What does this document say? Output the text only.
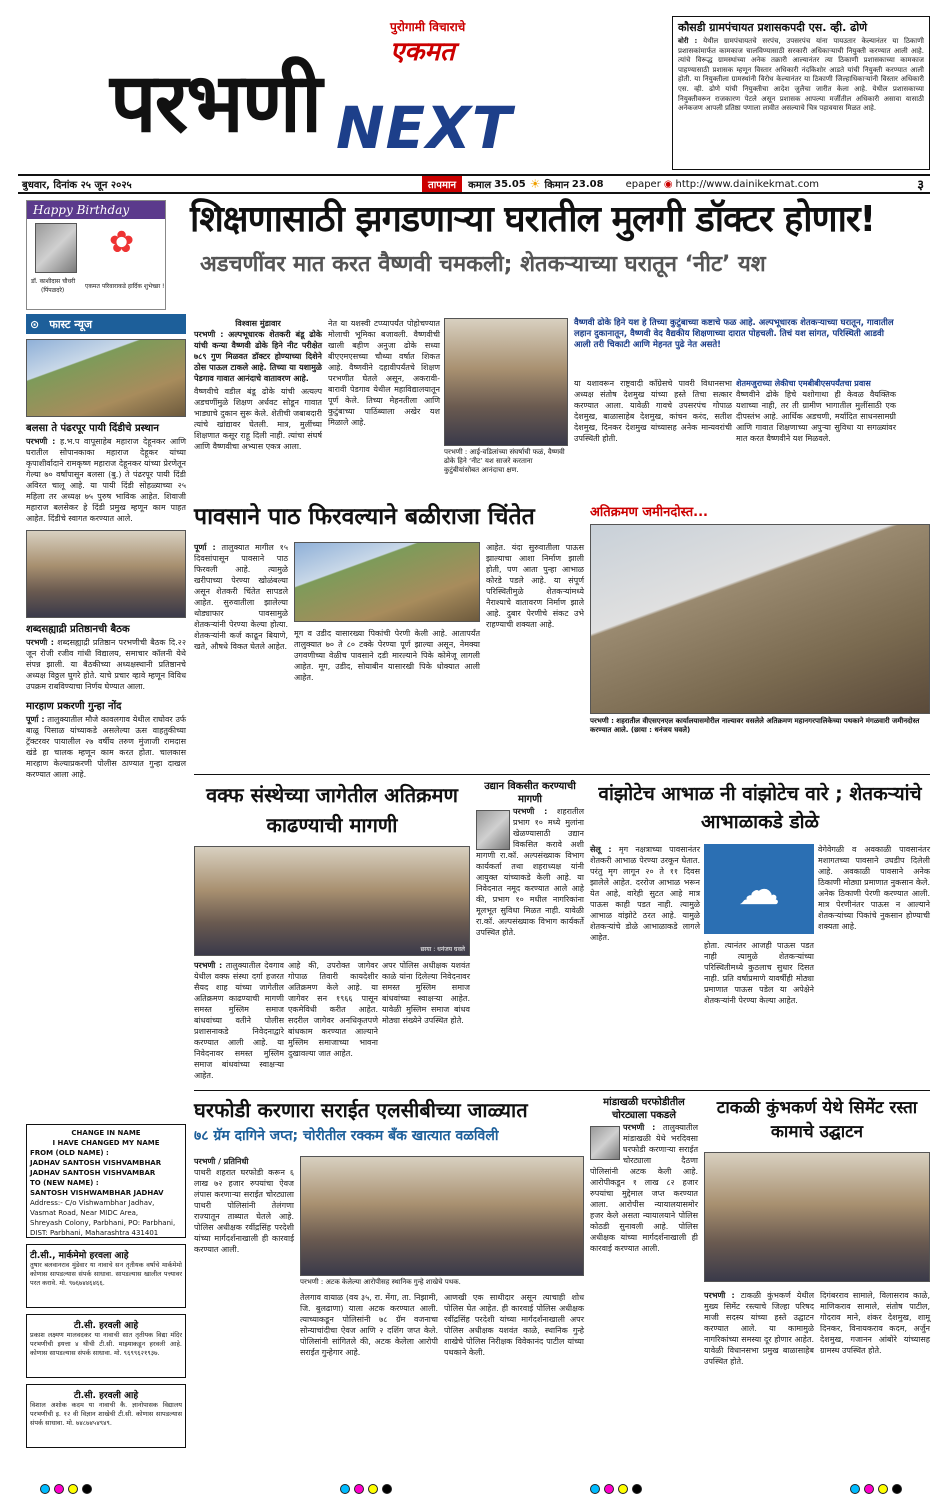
पुरोगामी विचाराचे
एकमत
परभणी NEXT
कौसडी ग्रामपंचायत प्रशासकपदी एस. व्ही. ढोणे
बोरी : येथील ग्रामपंचायतचे सरपंच, उपसरपंच यांना पायउतार केल्यानंतर या ठिकाणी प्रशासकांमार्फत कामकाज चालविण्यासाठी सरकारी अधिकाऱ्याची नियुक्ती करण्यात आली आहे. त्यांचे विरूद्ध ग्रामस्थांच्या अनेक तक्रारी आल्यानंतर त्या ठिकाणी प्रशासकाच्या कामकाज पाहण्यासाठी प्रशासक म्हणून विस्तार अधिकारी नंदकिशोर आडते यांची नियुक्ती करण्यात आली होती. या नियुक्तीला ग्रामस्थांनी विरोध केल्यानंतर या ठिकाणी जिल्हाधिकाऱ्यांनी विस्तार अधिकारी एस. व्ही. ढोणे यांची नियुक्तीचा आदेश जुलैचा जारीत केला आहे. येथील प्रशासकाच्या नियुक्तीवरून राजकारण पेटले असून प्रशासक आपल्या मर्जीतील अधिकारी असावा यासाठी अनेकजण आपली प्रतिष्ठा पणाला लावीत असल्याचे चित्र पहावयास मिळत आहे.
बुधवार, दिनांक २५ जून २०२५	तापमान	कमाल 35.05 ☀ किमान 23.08 epaper ◉ http://www.dainikekmat.com	३
Happy Birthday
✿
डॉ. काशीदास चौधरी
(पिंपळदरे)
एकमत परिवाराकडे हार्दिक शुभेच्छा !
शिक्षणासाठी झगडणाऱ्या घरातील मुलगी डॉक्टर होणार!
अडचणींवर मात करत वैष्णवी चमकली; शेतकऱ्याच्या घरातून ‘नीट’ यश
⊙ फास्ट न्यूज
बलसा ते पंढरपूर पायी दिंडीचे प्रस्थान
परभणी : ह.भ.प वापूसाहेब महाराज देहूनकर आणि घरातील सोपानकाका महाराज देहूकर यांच्या कृपाशीर्वादाने रामकृष्ण महाराज देहूनकर यांच्या प्रेरणेतून गेल्या ७० वर्षांपासून बलसा (बु.) ते पंढरपूर पायी दिंडी अविरत चालू आहे. या पायी दिंडी सोहळ्याच्या २५ महिला तर अध्यक्ष ७५ पुरुष भाविक आहेत. शिवाजी महाराज बलसेकर हे दिंडी प्रमुख म्हणून काम पाहत आहेत. दिंडीचे स्वागत करण्यात आले.
शब्दसह्याद्री प्रतिष्ठानची बैठक
परभणी : शब्दसह्याद्री प्रतिष्ठान परभणीची बैठक दि.२२ जून रोजी रजीव गांधी विद्यालय, समाचार कॉलनी येथे संपन्न झाली. या बैठकीच्या अध्यक्षस्थानी प्रतिष्ठानचे अध्यक्ष विठ्ठल घुगरे होते. याचे प्रचार व्हावे म्हणून विविध उपक्रम राबविण्याचा निर्णय घेण्यात आला.
मारहाण प्रकरणी गुन्हा नोंद
पूर्णा : तालुक्यातील मौजे कावलगाव येथील राघोवर उर्फ बाळू पिसाळ यांच्याकडे असलेल्या ऊस वाहतुकीच्या ट्रॅक्टरवर पायालील २७ वर्षीय तरुण मुंजाजी रामदास खंडे हा चालक म्हणून काम करत होता. चालकास मारहाण केल्याप्रकरणी पोलीस ठाण्यात गुन्हा दाखल करण्यात आला आहे.
विश्वास मुंडावार
परभणी : अल्पभूधारक शेतकरी बंडू ढोके यांची कन्या वैष्णवी ढोके हिने नीट परीक्षेत ७८९ गुण मिळवत डॉक्टर होण्याच्या दिशेने ठोस पाऊल टाकले आहे. तिच्या या यशामुळे पेडगाव गावात आनंदाचे वातावरण आहे.
वैष्णवीचे वडील बंडू ढोके यांची अत्यल्प अडचणींमुळे शिक्षण अर्धवट सोडून गावात भाड्याचे दुकान सुरू केले. शेतीची जबाबदारी त्यांचे खांद्यावर घेतली. मात्र, मुलींच्या शिक्षणात कसूर राहू दिली नाही. त्यांचा संघर्ष आणि वैष्णवीचा अभ्यास एकत्र आला.
नेत या यशस्वी टप्प्यापर्यंत पोहोचण्यात मोलाची भूमिका बजावली. वैष्णवीची खाली बहीण अनुजा ढोके सध्या बीएएमएसच्या चौथ्या वर्षात शिकत आहे. वैष्णवीने दहावीपर्यंतचे शिक्षण परभणीत घेतले असून, अकरावी-बारावी पेडगाव येथील महाविद्यालयातून पूर्ण केले. तिच्या मेहनतीला आणि कुटुंबाच्या पाठिंब्याला अखेर यश मिळाले आहे.
परभणी : आई-वडिलांच्या संघर्षाची फळं, वैष्णवी ढोके हिने ‘नीट’ यश साजरे करताना कुटुंबीयांसोबत आनंदाचा क्षण.
वैष्णवी ढोके हिने यश हे तिच्या कुटुंबाच्या कष्टाचे फळ आहे. अल्पभूधारक शेतकऱ्याच्या घरातून, गावातील लहान दुकानातून, वैष्णवी वेद वैद्यकीय शिक्षणाच्या दारात पोहचली. तिचं यश सांगत, परिस्थिती आडवी आली तरी चिकाटी आणि मेहनत पुढे नेत असते!
या यशावरून राष्ट्रवादी काँग्रेसचे पावरी विधानसभा अध्यक्ष संतोष देशमुख यांच्या हस्ते तिचा सत्कार करण्यात आला. यावेळी गावचे उपसरपंच गोपाळ देशमुख, बाळासाहेब देशमुख, कांचन करंद, सतीश देशमुख, दिनकर देशमुख यांच्यासह अनेक मान्यवरांची उपस्थिती होती.
शेतमजुराच्या लेकीचा एमबीबीएसपर्यंतचा प्रवास
वैष्णवीने ढोके हिचे यशोगाथा ही केवळ वैयक्तिक यशाच्या नाही, तर ती ग्रामीण भागातील मुलींसाठी एक दीपस्तंभ आहे. आर्थिक अडचणी, मर्यादित साधनसामग्री आणि गावात शिक्षणाच्या अपुऱ्या सुविधा या सगळ्यांवर मात करत वैष्णवीने यश मिळवले.
पावसाने पाठ फिरवल्याने बळीराजा चिंतेत
पूर्णा : तालुक्यात मागील १५ दिवसांपासून पावसाने पाठ फिरवली आहे. त्यामुळे खरीपाच्या पेरण्या खोळंबल्या असून शेतकरी चिंतेत सापडले आहेत. सुरुवातीला झालेल्या थोड्याफार पावसामुळे शेतकऱ्यांनी पेरण्या केल्या होत्या. शेतकऱ्यांनी कर्ज काढून बियाणे, खते, औषधे विकत घेतले आहेत.
मूग व उडीद यासारख्या पिकांची पेरणी केली आहे. आतापर्यंत तालुक्यात ७० ते ८० टक्के पेरण्या पूर्ण झाल्या असून, नेमक्या उगवणीच्या वेळीच पावसाने दडी मारल्याने पिके कोमेजू लागली आहेत. मूग, उडीद, सोयाबीन यासारखी पिके धोक्यात आली आहेत.
आहेत. यंदा सुरुवातीला पाऊस झाल्याचा आशा निर्माण झाली होती, पण आता पुन्हा आभाळ कोरडे पडले आहे. या संपूर्ण परिस्थितीमुळे शेतकऱ्यांमध्ये नैराश्याचे वातावरण निर्माण झाले आहे. दुबार पेरणीचे संकट उभे राहण्याची शक्यता आहे.
अतिक्रमण जमीनदोस्त...
परभणी : शहरातील वीएसएनएल कार्यालयासमोरील नाल्यावर वसलेले अतिक्रमण महानगरपालिकेच्या पथकाने मंगळवारी जमीनदोस्त करण्यात आले. (छाया : धनंजय घवले)
वक्फ संस्थेच्या जागेतील अतिक्रमण काढण्याची मागणी
छाया : धनंजय घवले
परभणी : तालुक्यातील देवगाव येथील वक्फ संस्था दर्गा हजरत सैयद शाह यांच्या जागेतील अतिक्रमण काढण्याची मागणी समस्त मुस्लिम समाज बांधवांच्या वतीने पोलीस प्रशासनाकडे निवेदनाद्वारे करण्यात आली आहे. या निवेदनावर समस्त मुस्लिम समाज बांधवांच्या स्वाक्षऱ्या आहेत.
आहे की, उपरोक्त जागेवर गोपाळ तिवारी कायदेशीर अतिक्रमण केले आहे. या जागेवर सन १९६६ पासून एकमेविधी करीत आहेत. सदरील जागेवर अनधिकृतपणे बांधकाम करण्यात आल्याने मुस्लिम समाजाच्या भावना दुखावल्या जात आहेत.
अपर पोलिस अधीक्षक यशवंत काळे यांना दिलेल्या निवेदनावर समस्त मुस्लिम समाज बांधवांच्या स्वाक्षऱ्या आहेत. यावेळी मुस्लिम समाज बांधव मोठ्या संख्येने उपस्थित होते.
उद्यान विकसीत करण्याची मागणी
परभणी : शहरातील प्रभाग १० मध्ये मुलांना खेळण्यासाठी उद्यान विकसित करावे अशी मागणी रा.कॉ. अल्पसंख्याक विभाग कार्यकर्ता तथा शहराध्यक्ष यांनी आयुक्त यांच्याकडे केली आहे. या निवेदनात नमूद करण्यात आले आहे की, प्रभाग १० मधील नागरिकांना मूलभूत सुविधा मिळत नाही. यावेळी रा.कॉ. अल्पसंख्याक विभाग कार्यकर्ते उपस्थित होते.
वांझोटेच आभाळ नी वांझोटेच वारे ; शेतकऱ्यांचे आभाळाकडे डोळे
सेलू : मृग नक्षत्राच्या पावसानंतर शेतकरी आभाळ पेरण्या उरकून घेतात. परंतु मृग लागून २० ते ११ दिवस झालेले आहेत. दररोज आभाळ भरून येत आहे, वारेही सुटत आहे मात्र पाऊस काही पडत नाही. त्यामुळे आभाळ वांझोटे ठरत आहे. यामुळे शेतकऱ्यांचे डोळे आभाळाकडे लागले आहेत.
☁
होता. त्यानंतर आजही पाऊस पडत नाही त्यामुळे शेतकऱ्यांच्या परिस्थितीमध्ये कुठलाच सुधार दिसत नाही. प्रति वर्षाप्रमाणे यावर्षीही मोठ्या प्रमाणात पाऊस पडेल या अपेक्षेने शेतकऱ्यांनी पेरण्या केल्या आहेत.
वेगेवेगळी व अवकाळी पावसानंतर मशागतच्या पावसाने उघडीप दिलेली आहे. अवकाळी पावसाने अनेक ठिकाणी मोठ्या प्रमाणात नुकसान केले. अनेक ठिकाणी पेरणी करण्यात आली. मात्र पेरणीनंतर पाऊस न आल्याने शेतकऱ्यांच्या पिकांचे नुकसान होण्याची शक्यता आहे.
CHANGE IN NAME
I HAVE CHANGED MY NAME
FROM (OLD NAME) :
JADHAV SANTOSH VISHVAMBHAR
JADHAV SANTOSH VISHVAMBAR
TO (NEW NAME) :
SANTOSH VISHWAMBHAR JADHAV
Address:- C/o Vishwambhar Jadhav,
Vasmat Road, Near MIDC Area,
Shreyash Colony, Parbhani, PO: Parbhani,
DIST: Parbhani, Maharashtra 431401
टी.सी., मार्कमेमो हरवला आहे
तुषार बलवानराव मुंडेवार या नावाचे सन तृतीयक वर्षाचे मार्कमेमो कोणास सापडल्यास संपर्क साधावा. सापडल्यास खालील पत्त्यावर परत करावे. मो. ९७६७४४६४६६.
टी.सी. हरवली आहे
प्रकाश लक्ष्मण मालवदकर या नावाची सात तृतीयक विद्या मंदिर परभणीची इयत्ता ४ थीची टी.सी. माझ्याकडून हरवली आहे. कोणास सापडल्यास संपर्क साधावा. मो. ९६९९६२१९३७.
टी.सी. हरवली आहे
विशाल अशोक कदम या नावाची कै. ज्ञानोपासक विद्यालय परभणीची इ. १२ वी विज्ञान शाखेची टी.सी. कोणास सापडल्यास संपर्क साधावा. मो. ७४८७४५४९४९.
घरफोडी करणारा सराईत एलसीबीच्या जाळ्यात
७८ ग्रॅम दागिने जप्त; चोरीतील रक्कम बँक खात्यात वळविली
परभणी / प्रतिनिधी
पाथरी शहरात घरफोडी करून ६ लाख ७२ हजार रुपयांचा ऐवज लंपास करणाऱ्या सराईत चोरट्याला पाथरी पोलिसांनी तेलंगणा राज्यातून ताब्यात घेतले आहे. पोलिस अधीक्षक रवींद्रसिंह परदेशी यांच्या मार्गदर्शनाखाली ही कारवाई करण्यात आली.
परभणी : अटक केलेल्या आरोपीसह स्थानिक गुन्हे शाखेचे पथक.
तेलगाव वायाळ (वय ३५, रा. मेंगा, ता. निझामी, जि. बुलढाणा) याला अटक करण्यात आली. त्याच्याकडून पोलिसांनी ७८ ग्रॅम वजनाचा सोन्याचांदीचा ऐवज आणि २ दशिंग जप्त केले. पोलिसांनी सांगितले की, अटक केलेला आरोपी सराईत गुन्हेगार आहे.
आणखी एक साथीदार असून त्याचाही शोध पोलिस घेत आहेत. ही कारवाई पोलिस अधीक्षक रवींद्रसिंह परदेशी यांच्या मार्गदर्शनाखाली अपर पोलिस अधीक्षक यशवंत काळे, स्थानिक गुन्हे शाखेचे पोलिस निरीक्षक विवेकानंद पाटील यांच्या पथकाने केली.
मांडाखळी घरफोडीतील चोरट्याला पकडले
परभणी : तालुक्यातील मांडाखळी येथे भरदिवसा घरफोडी करणाऱ्या सराईत चोरट्याला दैठणा पोलिसांनी अटक केली आहे. आरोपीकडून १ लाख ८२ हजार रुपयांचा मुद्देमाल जप्त करण्यात आला. आरोपीस न्यायालयासमोर हजर केले असता न्यायालयाने पोलिस कोठडी सुनावली आहे. पोलिस अधीक्षक यांच्या मार्गदर्शनाखाली ही कारवाई करण्यात आली.
टाकळी कुंभकर्ण येथे सिमेंट रस्ता कामाचे उद्घाटन
परभणी : टाकळी कुंभकर्ण येथील मुख्य सिमेंट रस्त्याचे जिल्हा परिषद माजी सदस्य यांच्या हस्ते उद्घाटन करण्यात आले. या कामामुळे नागरिकांच्या समस्या दूर होणार आहेत. यावेळी विधानसभा प्रमुख बाळासाहेब उपस्थित होते.
दिगंबरराव सामाले, विलासराव काळे, माणिकराव सामाले, संतोष पाटील, गोदराव माने, शंकर देशमुख, शामू दिनकर, विनायकराव कदम, अर्जुन देशमुख, गजानन आंबोरे यांच्यासह ग्रामस्थ उपस्थित होते.
